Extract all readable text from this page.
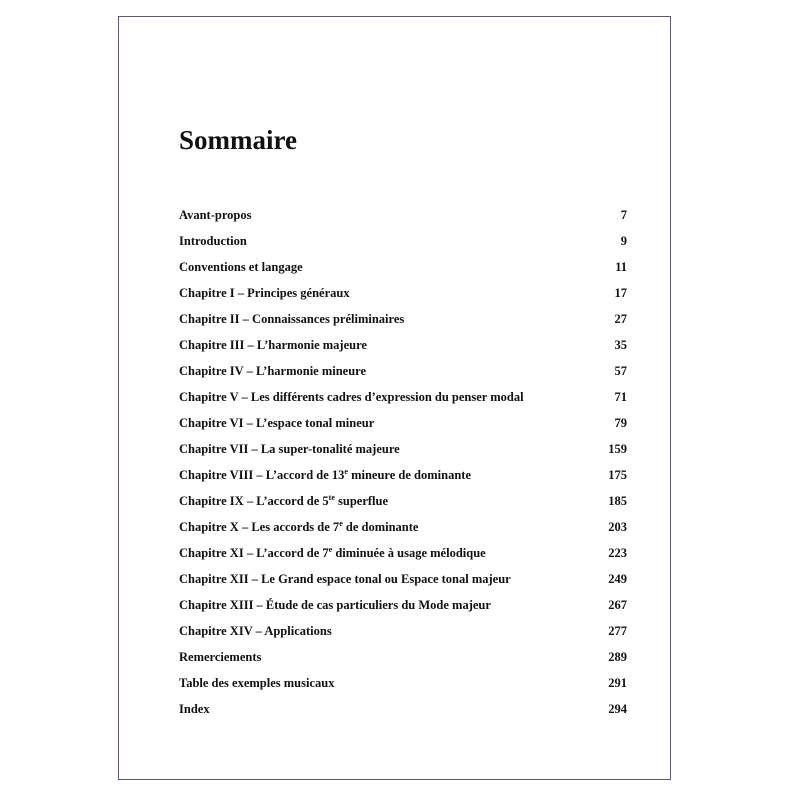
Sommaire
Avant-propos	7
Introduction	9
Conventions et langage	11
Chapitre I – Principes généraux	17
Chapitre II – Connaissances préliminaires	27
Chapitre III – L’harmonie majeure	35
Chapitre IV – L’harmonie mineure	57
Chapitre V – Les différents cadres d’expression du penser modal	71
Chapitre VI – L’espace tonal mineur	79
Chapitre VII – La super-tonalité majeure	159
Chapitre VIII – L’accord de 13e mineure de dominante	175
Chapitre IX – L’accord de $5^{te}$ superflue	185
Chapitre X – Les accords de 7e de dominante	203
Chapitre XI – L’accord de 7e diminuée à usage mélodique	223
Chapitre XII – Le Grand espace tonal ou Espace tonal majeur	249
Chapitre XIII – Étude de cas particuliers du Mode majeur	267
Chapitre XIV – Applications	277
Remerciements	289
Table des exemples musicaux	291
Index	294
